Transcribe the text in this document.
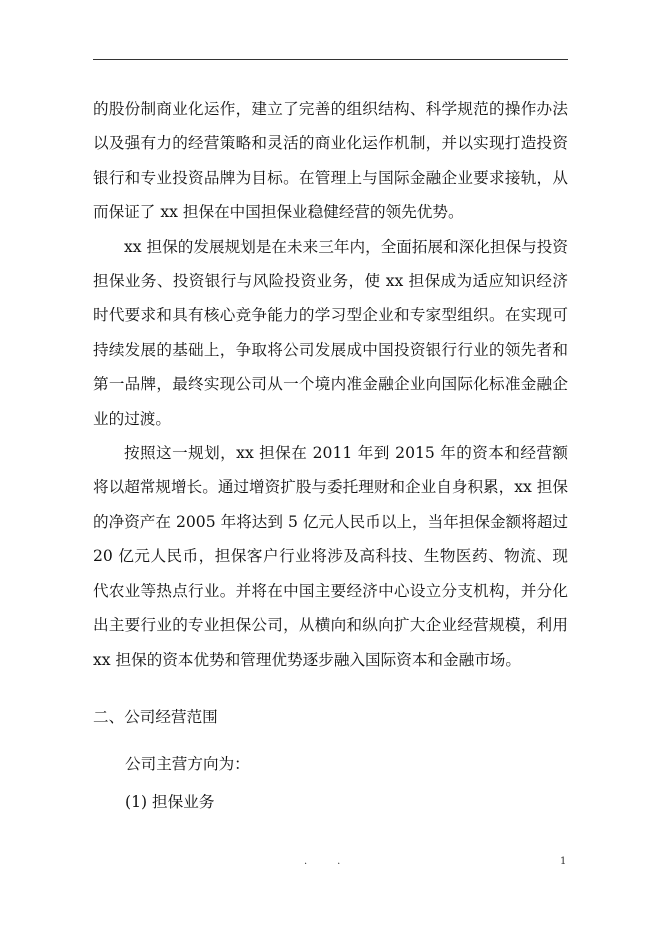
的股份制商业化运作，建立了完善的组织结构、科学规范的操作办法以及强有力的经营策略和灵活的商业化运作机制，并以实现打造投资银行和专业投资品牌为目标。在管理上与国际金融企业要求接轨，从而保证了 xx 担保在中国担保业稳健经营的领先优势。

xx 担保的发展规划是在未来三年内，全面拓展和深化担保与投资担保业务、投资银行与风险投资业务，使 xx 担保成为适应知识经济时代要求和具有核心竞争能力的学习型企业和专家型组织。在实现可持续发展的基础上，争取将公司发展成中国投资银行行业的领先者和第一品牌，最终实现公司从一个境内准金融企业向国际化标准金融企业的过渡。

按照这一规划，xx 担保在 2011 年到 2015 年的资本和经营额将以超常规增长。通过增资扩股与委托理财和企业自身积累，xx 担保的净资产在 2005 年将达到 5 亿元人民币以上，当年担保金额将超过 20 亿元人民币，担保客户行业将涉及高科技、生物医药、物流、现代农业等热点行业。并将在中国主要经济中心设立分支机构，并分化出主要行业的专业担保公司，从横向和纵向扩大企业经营规模，利用 xx 担保的资本优势和管理优势逐步融入国际资本和金融市场。

二、公司经营范围

公司主营方向为：

(1) 担保业务

..	1
